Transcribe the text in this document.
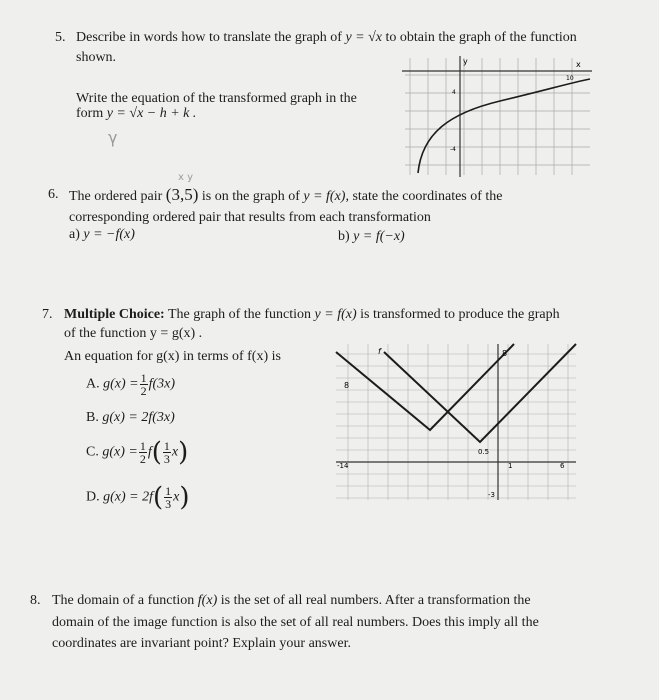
5. Describe in words how to translate the graph of y = √x to obtain the graph of the function
shown.
Write the equation of the transformed graph in the
form y = √x − h + k .
γ
y	x
10
4
-4
6.
x y
The ordered pair (3,5) is on the graph of y = f(x), state the coordinates of the
corresponding ordered pair that results from each transformation
a) y = −f(x)	b) y = f(−x)
7. Multiple Choice: The graph of the function y = f(x) is transformed to produce the graph
of the function y = g(x) .
An equation for g(x) in terms of f(x) is
A. $g(x) = \frac{1}{2} f(3x)$
B. g(x) = 2f(3x)
C. $g(x) = \frac{1}{2} f( \frac{1}{3} x)$
D. $g(x) = 2f( \frac{1}{3} x)$
f	8
8
-14
0.5
1
-3
6
8. The domain of a function f(x) is the set of all real numbers. After a transformation the
domain of the image function is also the set of all real numbers. Does this imply all the
coordinates are invariant point? Explain your answer.
